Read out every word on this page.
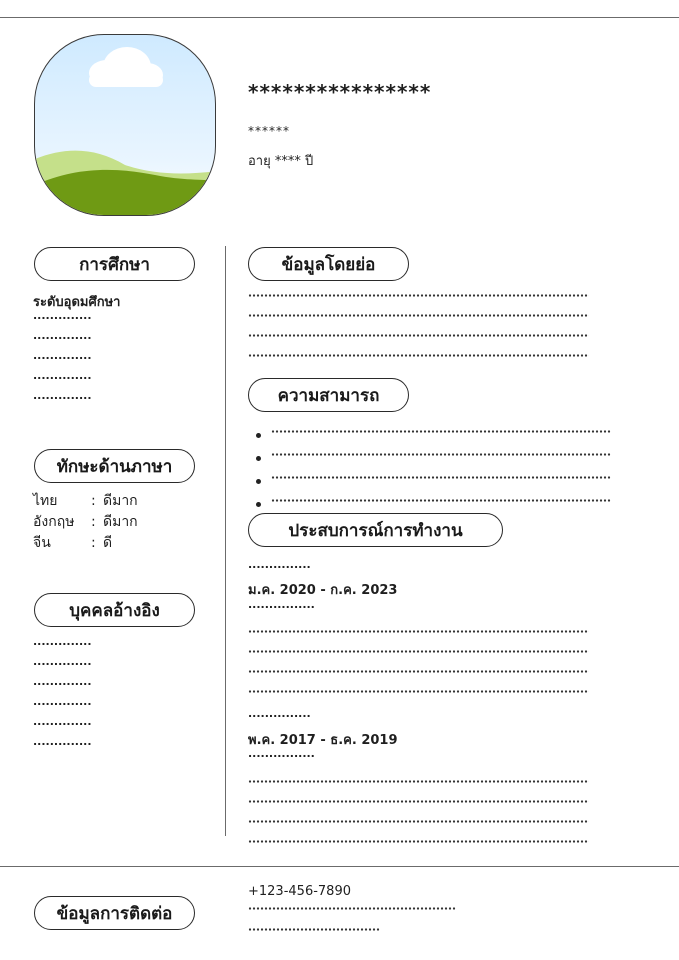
****************
******
อายุ **** ปี
การศึกษา
ระดับอุดมศึกษา
..............
..............
..............
..............
..............
ทักษะด้านภาษา
ไทย	: ดีมาก
อังกฤษ	: ดีมาก
จีน	: ดี
บุคคลอ้างอิง
..............
..............
..............
..............
..............
..............
ข้อมูลโดยย่อ
ความสามารถ
ประสบการณ์การทำงาน
...............
ม.ค. 2020 - ก.ค. 2023
................
...............
พ.ค. 2017 - ธ.ค. 2019
................
ข้อมูลการติดต่อ
+123-456-7890
